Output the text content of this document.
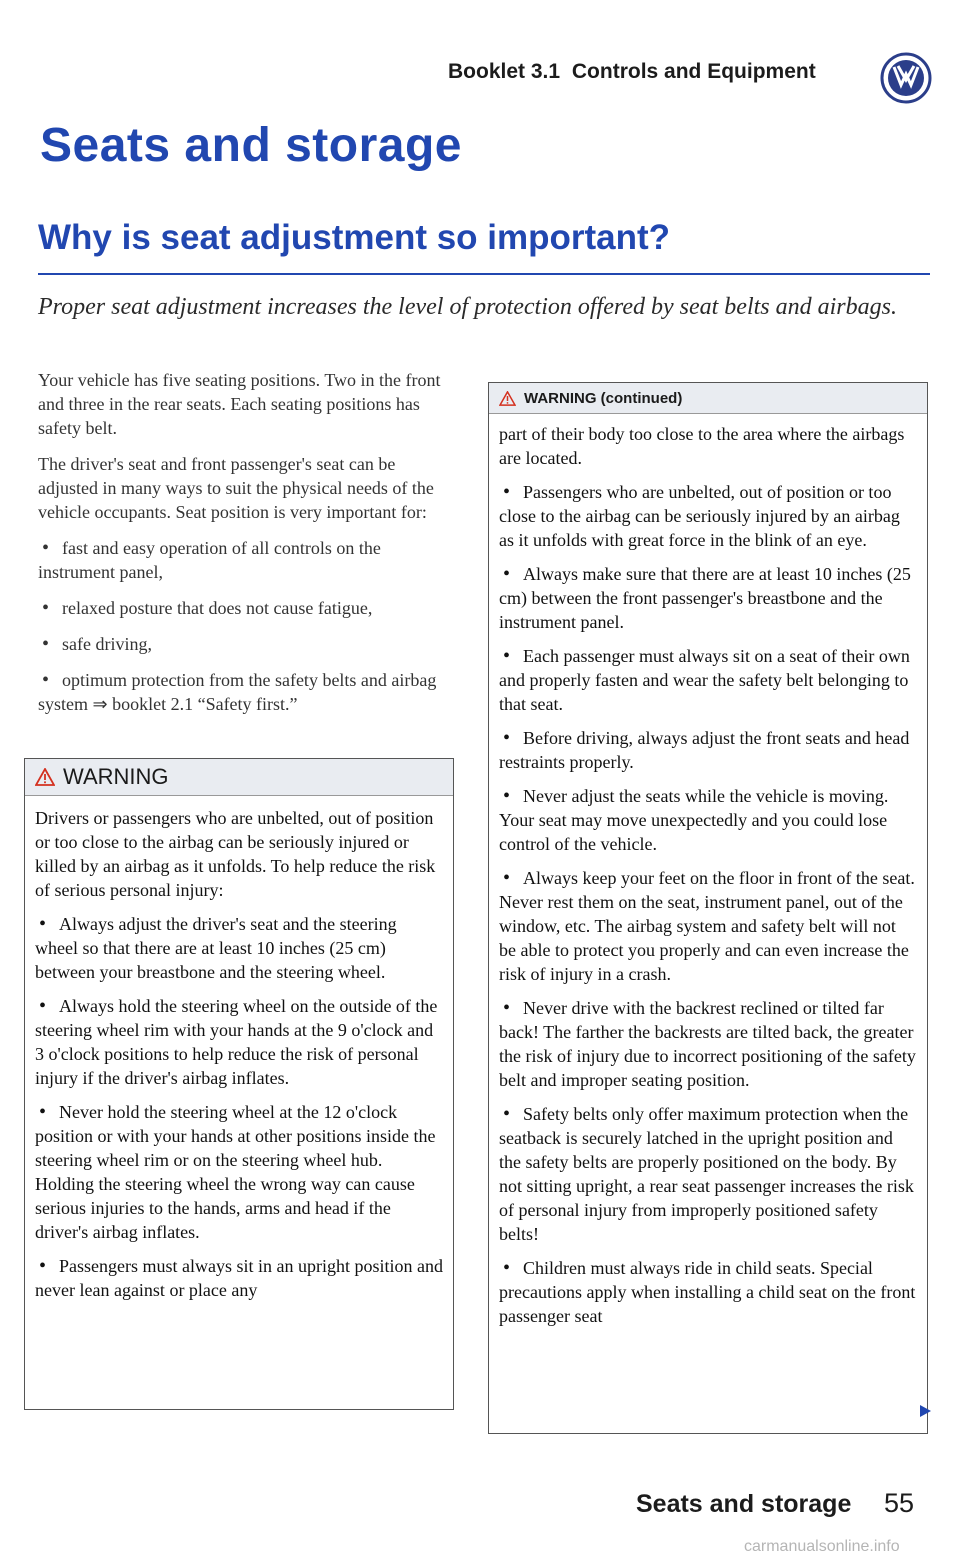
Booklet 3.1 Controls and Equipment
Seats and storage
Why is seat adjustment so important?
Proper seat adjustment increases the level of protection offered by seat belts and airbags.

Your vehicle has five seating positions. Two in the front and three in the rear seats. Each seating positions has safety belt.

The driver's seat and front passenger's seat can be adjusted in many ways to suit the physical needs of the vehicle occupants. Seat position is very important for:

• fast and easy operation of all controls on the instrument panel,

• relaxed posture that does not cause fatigue,

• safe driving,

• optimum protection from the safety belts and airbag system ⇒ booklet 2.1 “Safety first.”

WARNING

Drivers or passengers who are unbelted, out of position or too close to the airbag can be seriously injured or killed by an airbag as it unfolds. To help reduce the risk of serious personal injury:

• Always adjust the driver's seat and the steering wheel so that there are at least 10 inches (25 cm) between your breastbone and the steering wheel.

• Always hold the steering wheel on the outside of the steering wheel rim with your hands at the 9 o'clock and 3 o'clock positions to help reduce the risk of personal injury if the driver's airbag inflates.

• Never hold the steering wheel at the 12 o'clock position or with your hands at other positions inside the steering wheel rim or on the steering wheel hub. Holding the steering wheel the wrong way can cause serious injuries to the hands, arms and head if the driver's airbag inflates.

• Passengers must always sit in an upright position and never lean against or place any

WARNING (continued)

part of their body too close to the area where the airbags are located.

• Passengers who are unbelted, out of position or too close to the airbag can be seriously injured by an airbag as it unfolds with great force in the blink of an eye.

• Always make sure that there are at least 10 inches (25 cm) between the front passenger's breastbone and the instrument panel.

• Each passenger must always sit on a seat of their own and properly fasten and wear the safety belt belonging to that seat.

• Before driving, always adjust the front seats and head restraints properly.

• Never adjust the seats while the vehicle is moving. Your seat may move unexpectedly and you could lose control of the vehicle.

• Always keep your feet on the floor in front of the seat. Never rest them on the seat, instrument panel, out of the window, etc. The airbag system and safety belt will not be able to protect you properly and can even increase the risk of injury in a crash.

• Never drive with the backrest reclined or tilted far back! The farther the backrests are tilted back, the greater the risk of injury due to incorrect positioning of the safety belt and improper seating position.

• Safety belts only offer maximum protection when the seatback is securely latched in the upright position and the safety belts are properly positioned on the body. By not sitting upright, a rear seat passenger increases the risk of personal injury from improperly positioned safety belts!

• Children must always ride in child seats. Special precautions apply when installing a child seat on the front passenger seat

Seats and storage 55
carmanualsonline.info
